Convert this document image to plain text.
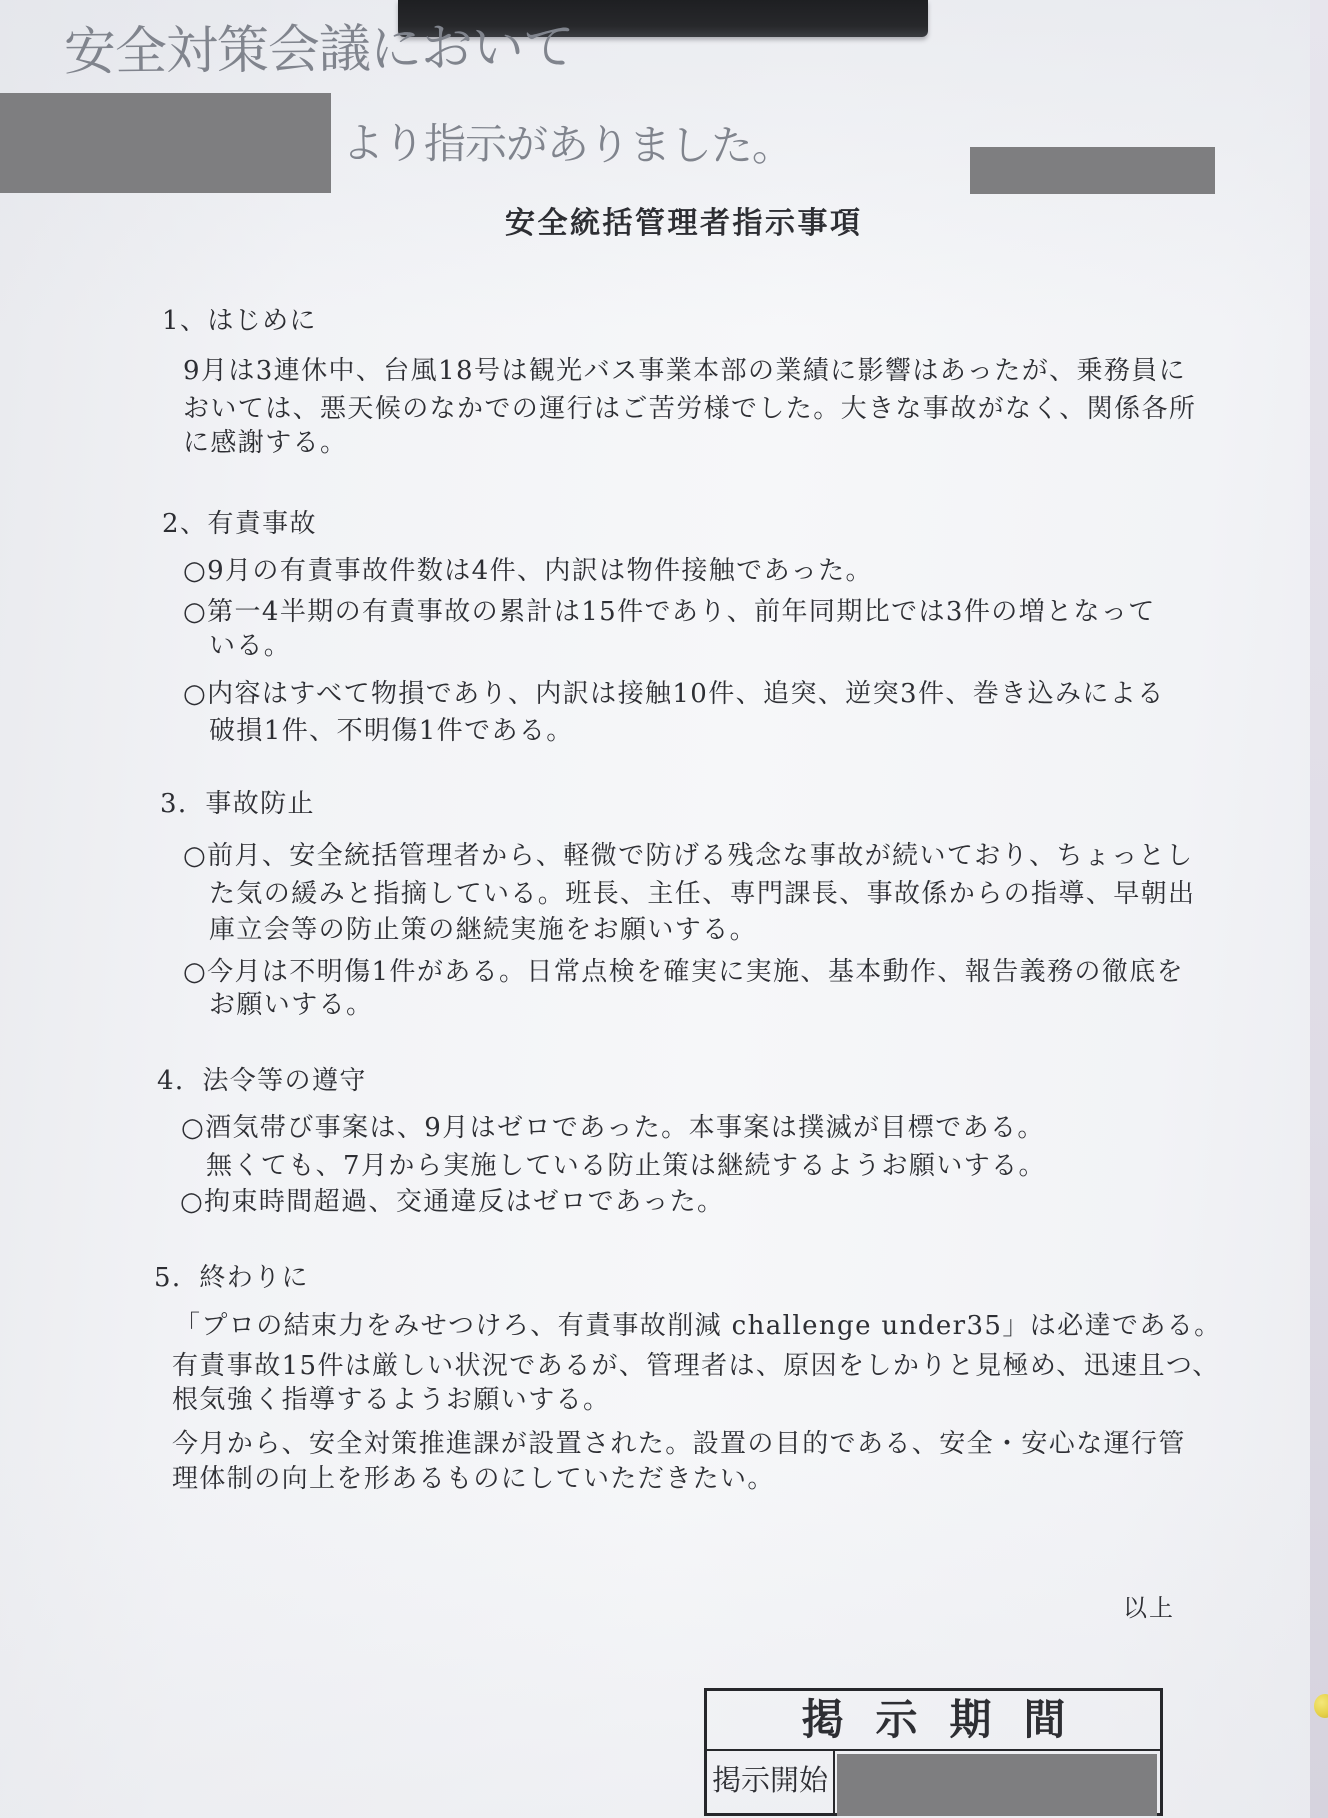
安全対策会議において
より指示がありました。
安全統括管理者指示事項
1、はじめに
9月は3連休中、台風18号は観光バス事業本部の業績に影響はあったが、乗務員に
おいては、悪天候のなかでの運行はご苦労様でした。大きな事故がなく、関係各所
に感謝する。
2、有責事故
○9月の有責事故件数は4件、内訳は物件接触であった。
○第一4半期の有責事故の累計は15件であり、前年同期比では3件の増となって
いる。
○内容はすべて物損であり、内訳は接触10件、追突、逆突3件、巻き込みによる
破損1件、不明傷1件である。
3．事故防止
○前月、安全統括管理者から、軽微で防げる残念な事故が続いており、ちょっとし
た気の緩みと指摘している。班長、主任、専門課長、事故係からの指導、早朝出
庫立会等の防止策の継続実施をお願いする。
○今月は不明傷1件がある。日常点検を確実に実施、基本動作、報告義務の徹底を
お願いする。
4．法令等の遵守
○酒気帯び事案は、9月はゼロであった。本事案は撲滅が目標である。
無くても、7月から実施している防止策は継続するようお願いする。
○拘束時間超過、交通違反はゼロであった。
5．終わりに
「プロの結束力をみせつけろ、有責事故削減 challenge under35」は必達である。
有責事故15件は厳しい状況であるが、管理者は、原因をしかりと見極め、迅速且つ、
根気強く指導するようお願いする。
今月から、安全対策推進課が設置された。設置の目的である、安全・安心な運行管
理体制の向上を形あるものにしていただきたい。
以上
掲示期間
掲示開始
